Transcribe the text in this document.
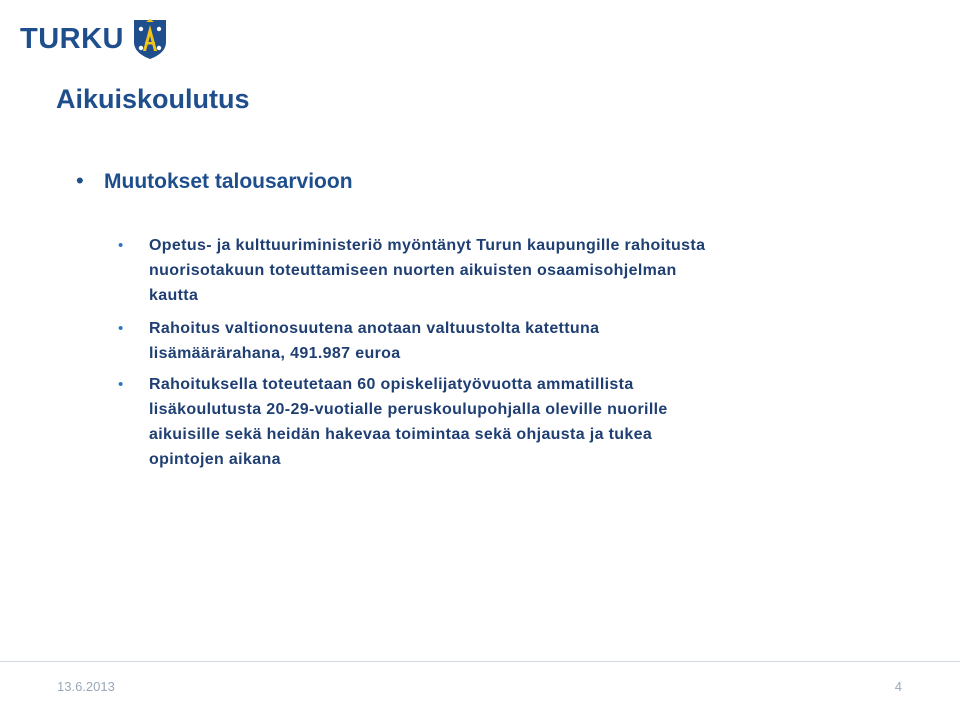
TURKU
Aikuiskoulutus
• Muutokset talousarvioon
•	Opetus- ja kulttuuriministeriö myöntänyt Turun kaupungille rahoitusta
nuorisotakuun toteuttamiseen nuorten aikuisten osaamisohjelman
kautta
•	Rahoitus valtionosuutena anotaan valtuustolta katettuna
lisämäärärahana, 491.987 euroa
•	Rahoituksella toteutetaan 60 opiskelijatyövuotta ammatillista
lisäkoulutusta 20-29-vuotialle peruskoulupohjalla oleville nuorille
aikuisille sekä heidän hakevaa toimintaa sekä ohjausta ja tukea
opintojen aikana
13.6.2013	4
